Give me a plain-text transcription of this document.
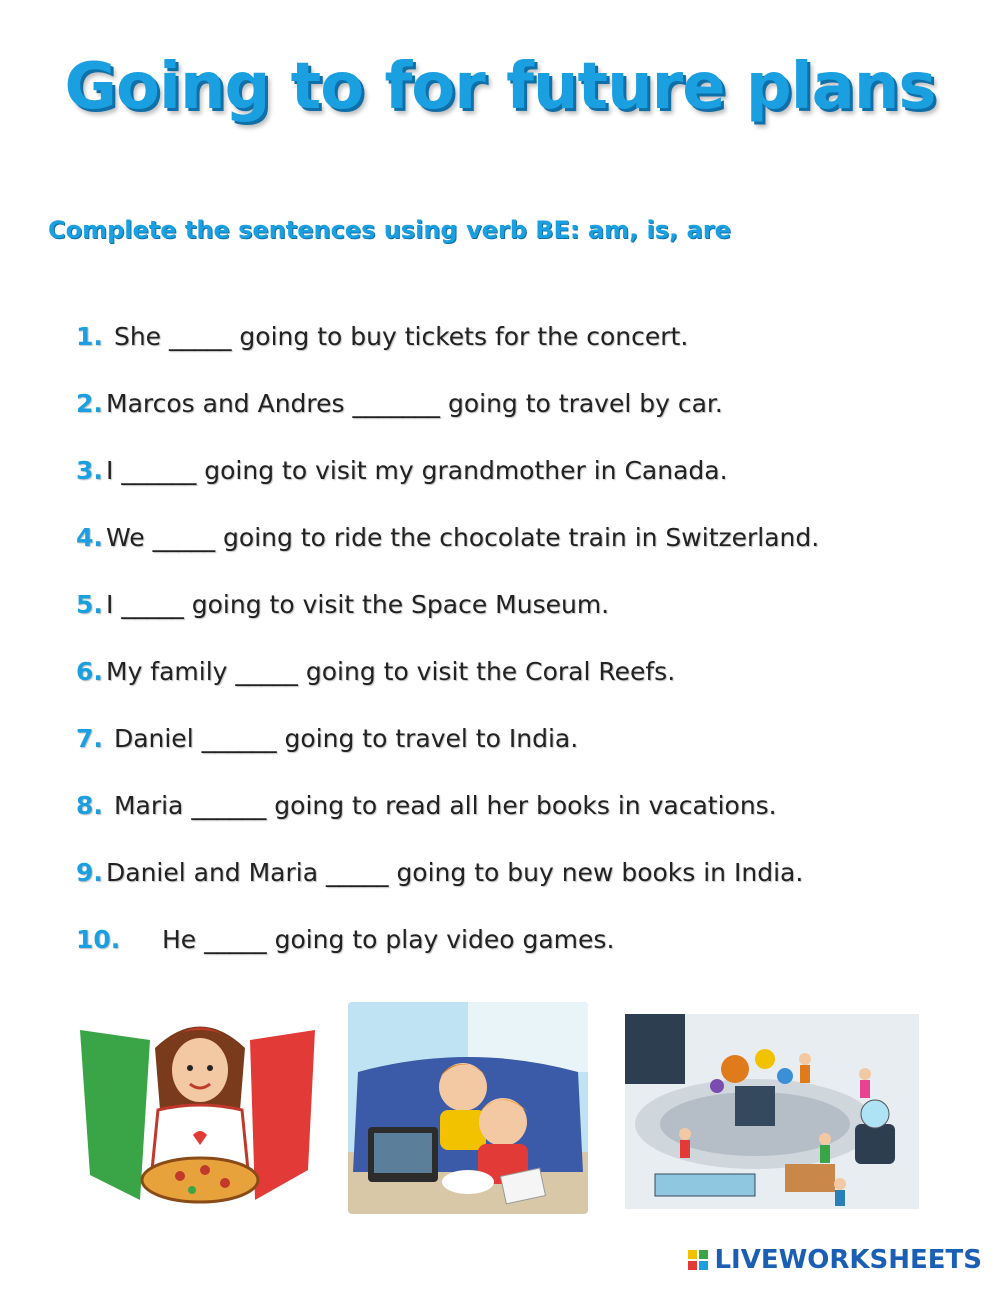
Going to for future plans
Complete the sentences using verb BE: am, is, are
1. She _____ going to buy tickets for the concert.
2. Marcos and Andres _______ going to travel by car.
3. I ______ going to visit my grandmother in Canada.
4. We _____ going to ride the chocolate train in Switzerland.
5. I _____ going to visit the Space Museum.
6. My family _____ going to visit the Coral Reefs.
7. Daniel ______ going to travel to India.
8. Maria ______ going to read all her books in vacations.
9. Daniel and Maria _____ going to buy new books in India.
10.	He _____ going to play video games.
LIVEWORKSHEETS
